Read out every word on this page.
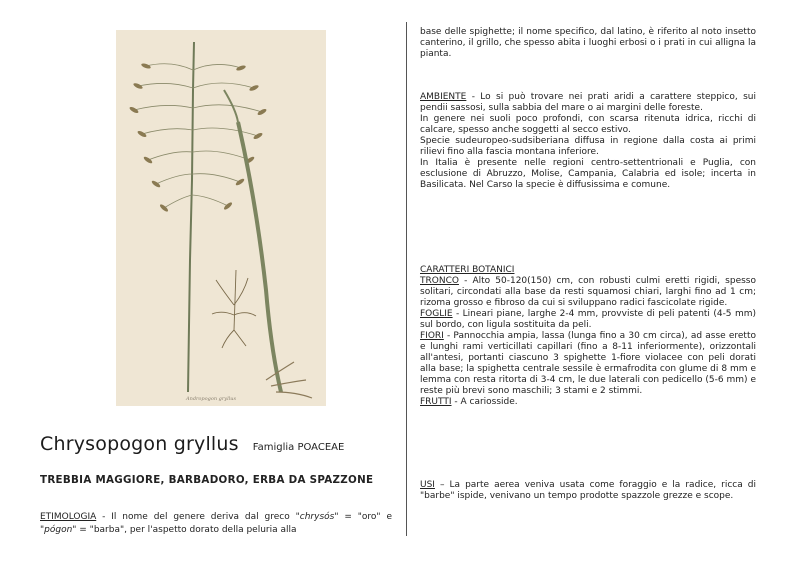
Andropogon gryllus
Chrysopogon gryllus Famiglia POACEAE
TREBBIA MAGGIORE, BARBADORO, ERBA DA SPAZZONE
ETIMOLOGIA - Il nome del genere deriva dal greco "chrysós" = "oro" e "pógon" = "barba", per l'aspetto dorato della peluria alla
base delle spighette; il nome specifico, dal latino, è riferito al noto insetto canterino, il grillo, che spesso abita i luoghi erbosi o i prati in cui alligna la pianta.

AMBIENTE - Lo si può trovare nei prati aridi a carattere steppico, sui pendii sassosi, sulla sabbia del mare o ai margini delle foreste.

In genere nei suoli poco profondi, con scarsa ritenuta idrica, ricchi di calcare, spesso anche soggetti al secco estivo.

Specie sudeuropeo-sudsiberiana diffusa in regione dalla costa ai primi rilievi fino alla fascia montana inferiore.

In Italia è presente nelle regioni centro-settentrionali e Puglia, con esclusione di Abruzzo, Molise, Campania, Calabria ed isole; incerta in Basilicata. Nel Carso la specie è diffusissima e comune.

CARATTERI BOTANICI

TRONCO - Alto 50-120(150) cm, con robusti culmi eretti rigidi, spesso solitari, circondati alla base da resti squamosi chiari, larghi fino ad 1 cm; rizoma grosso e fibroso da cui si sviluppano radici fascicolate rigide.

FOGLIE - Lineari piane, larghe 2-4 mm, provviste di peli patenti (4-5 mm) sul bordo, con ligula sostituita da peli.

FIORI - Pannocchia ampia, lassa (lunga fino a 30 cm circa), ad asse eretto e lunghi rami verticillati capillari (fino a 8-11 inferiormente), orizzontali all'antesi, portanti ciascuno 3 spighette 1-fiore violacee con peli dorati alla base; la spighetta centrale sessile è ermafrodita con glume di 8 mm e lemma con resta ritorta di 3-4 cm, le due laterali con pedicello (5-6 mm) e reste più brevi sono maschili; 3 stami e 2 stimmi.

FRUTTI - A cariosside.

USI – La parte aerea veniva usata come foraggio e la radice, ricca di "barbe" ispide, venivano un tempo prodotte spazzole grezze e scope.
